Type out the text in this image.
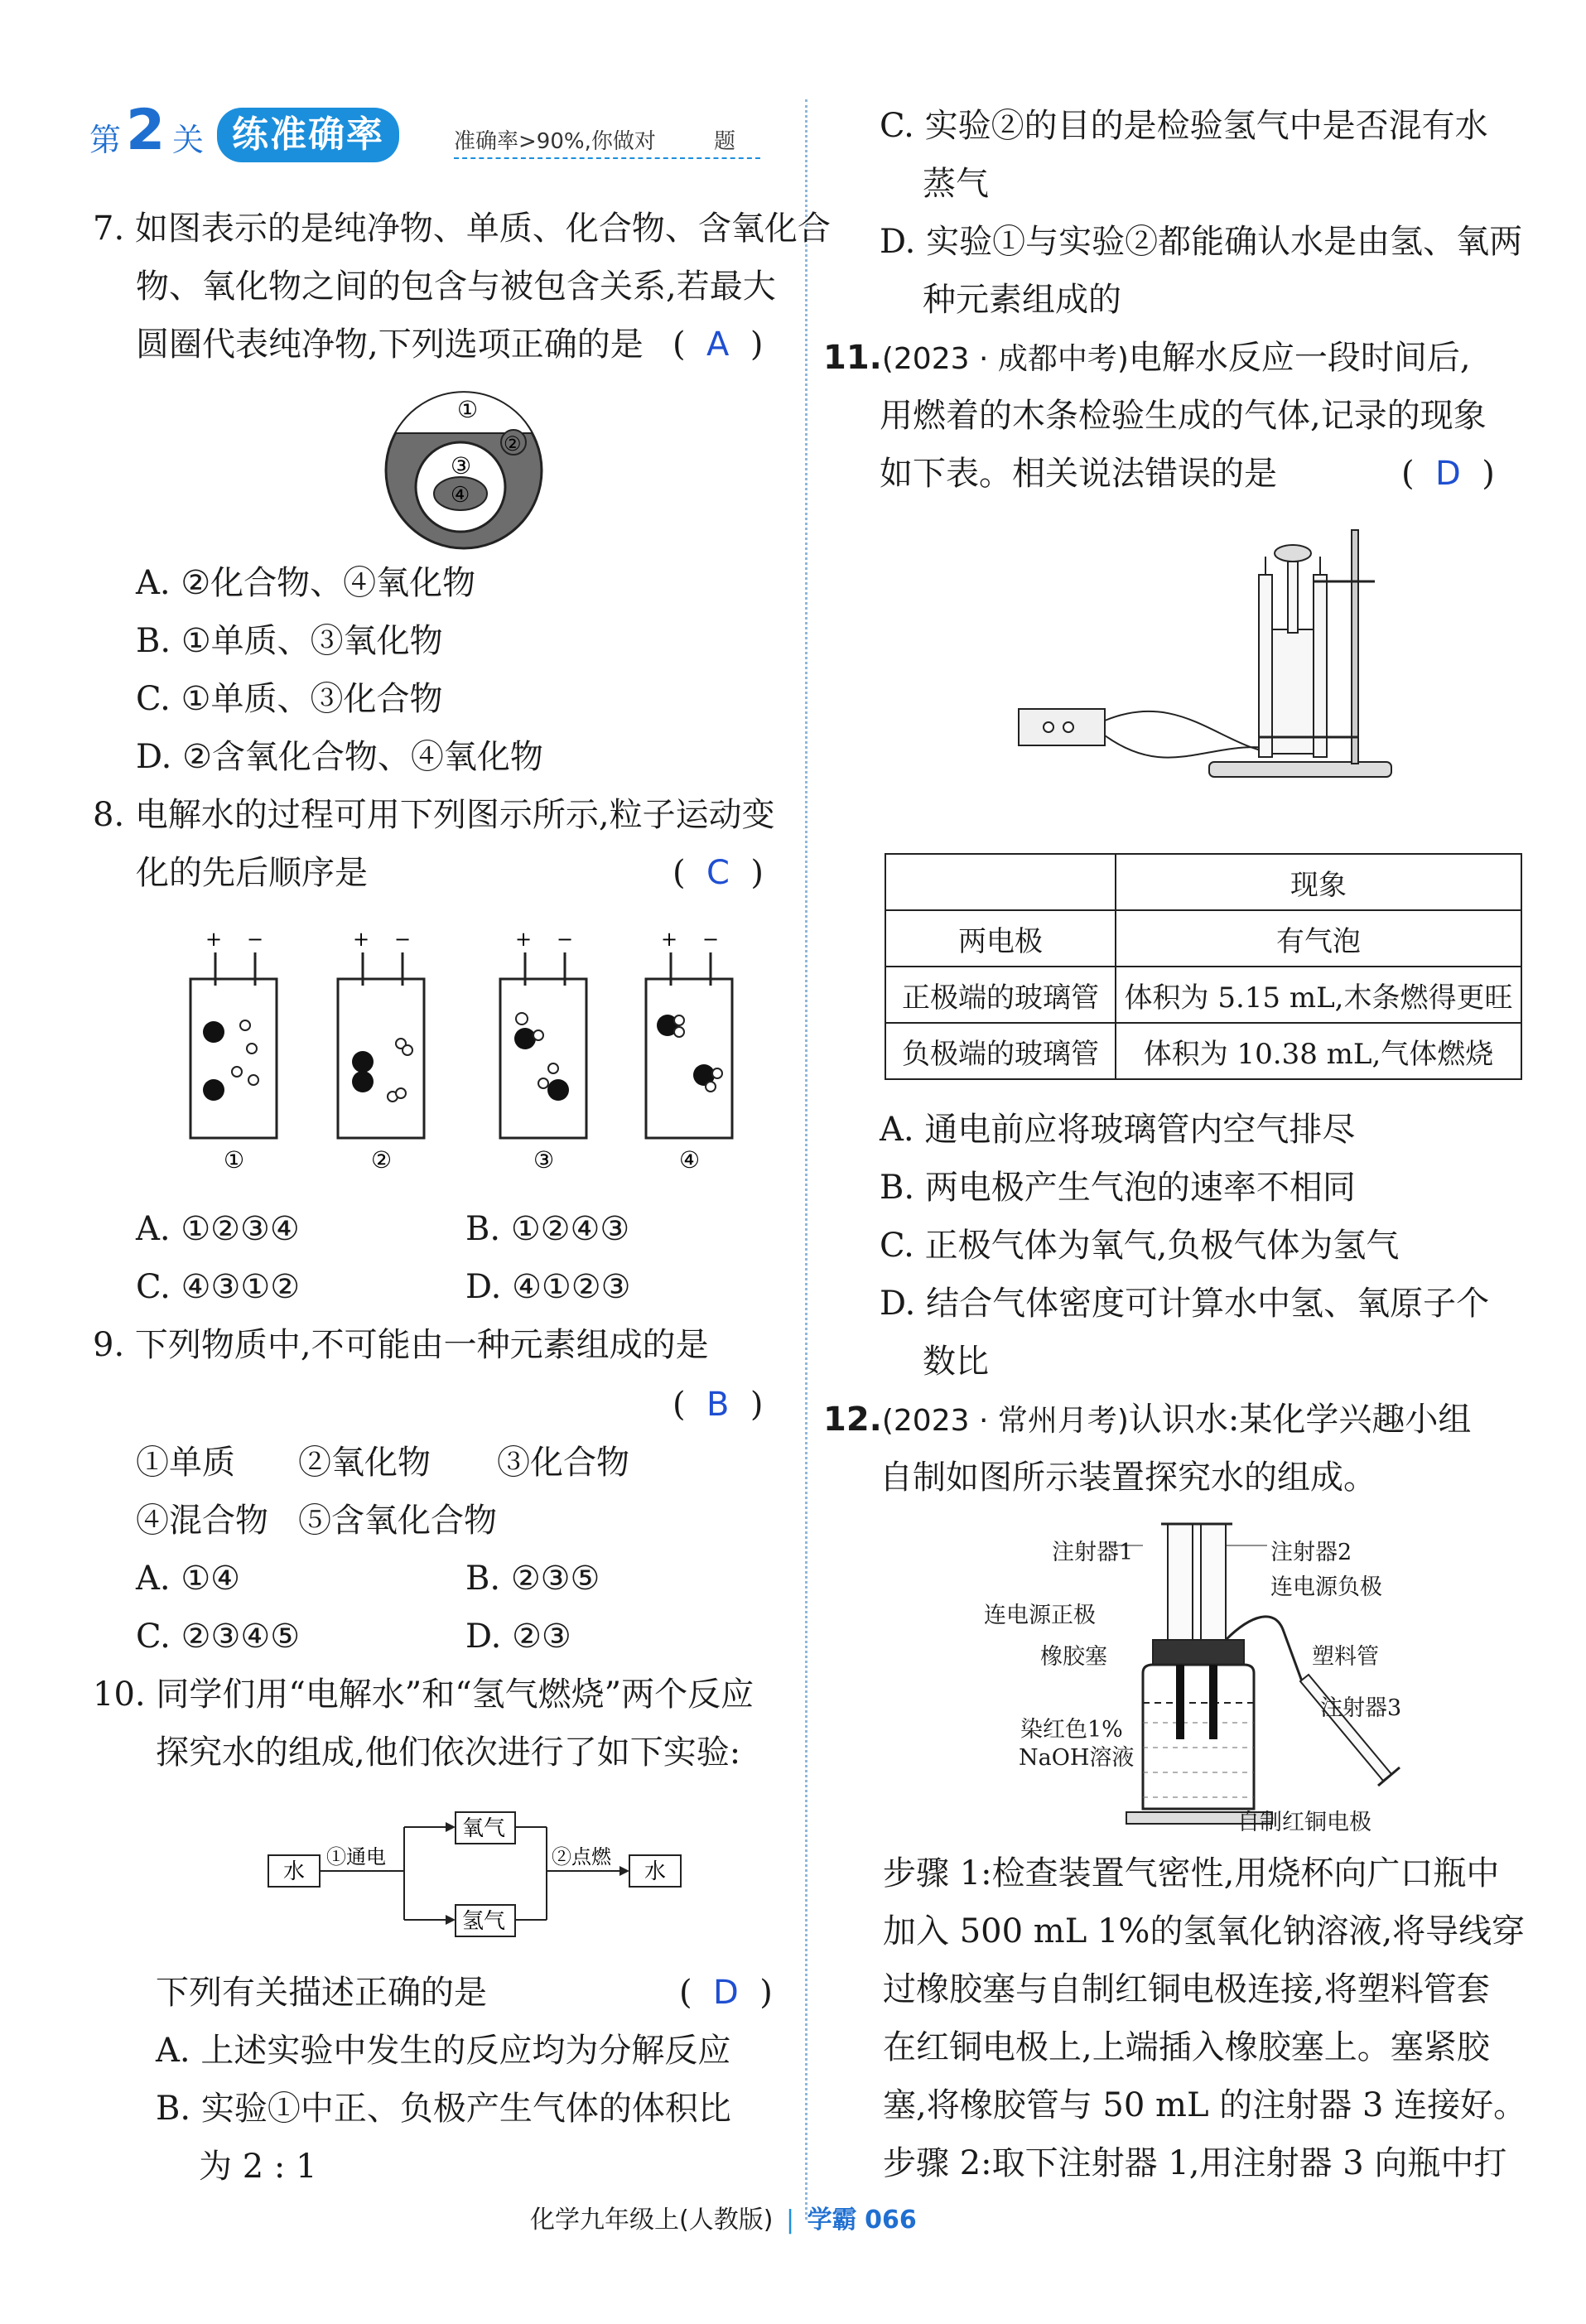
第 2 关 练准确率	准确率>90%,你做对	题
7. 如图表示的是纯净物、单质、化合物、含氧化合
物、氧化物之间的包含与被包含关系,若最大
圆圈代表纯净物,下列选项正确的是 (  A  )
①
②
③
④
A. ②化合物、④氧化物
B. ①单质、③氧化物
C. ①单质、③化合物
D. ②含氧化合物、④氧化物
8. 电解水的过程可用下列图示所示,粒子运动变
化的先后顺序是	(  C  )
+ −
①
+ −
②
+ −
③
+ −
④
A. ①②③④	B. ①②④③
C. ④③①②	D. ④①②③
9. 下列物质中,不可能由一种元素组成的是
(  B  )
①单质 ②氧化物 ③化合物
④混合物 ⑤含氧化合物
A. ①④	B. ②③⑤
C. ②③④⑤	D. ②③
10. 同学们用“电解水”和“氢气燃烧”两个反应
探究水的组成,他们依次进行了如下实验:
水
①通电
氧气
氢气
②点燃
水
下列有关描述正确的是	(  D  )
A. 上述实验中发生的反应均为分解反应
B. 实验①中正、负极产生气体的体积比
为 2 : 1
C. 实验②的目的是检验氢气中是否混有水
蒸气
D. 实验①与实验②都能确认水是由氢、氧两
种元素组成的
11.(2023 · 成都中考)电解水反应一段时间后,
用燃着的木条检验生成的气体,记录的现象
如下表。相关说法错误的是	(  D  )
	现象
两电极	有气泡
正极端的玻璃管	体积为 5.15 mL,木条燃得更旺
负极端的玻璃管	体积为 10.38 mL,气体燃烧
A. 通电前应将玻璃管内空气排尽
B. 两电极产生气泡的速率不相同
C. 正极气体为氧气,负极气体为氢气
D. 结合气体密度可计算水中氢、氧原子个
数比
12.(2023 · 常州月考)认识水:某化学兴趣小组
自制如图所示装置探究水的组成。
注射器1	注射器2
连电源正极
连电源负极
橡胶塞	塑料管
注射器3
染红色1%
NaOH溶液
自制红铜电极
步骤 1:检查装置气密性,用烧杯向广口瓶中
加入 500 mL 1%的氢氧化钠溶液,将导线穿
过橡胶塞与自制红铜电极连接,将塑料管套
在红铜电极上,上端插入橡胶塞上。塞紧胶
塞,将橡胶管与 50 mL 的注射器 3 连接好。
步骤 2:取下注射器 1,用注射器 3 向瓶中打
化学九年级上(人教版) | 学霸 066
